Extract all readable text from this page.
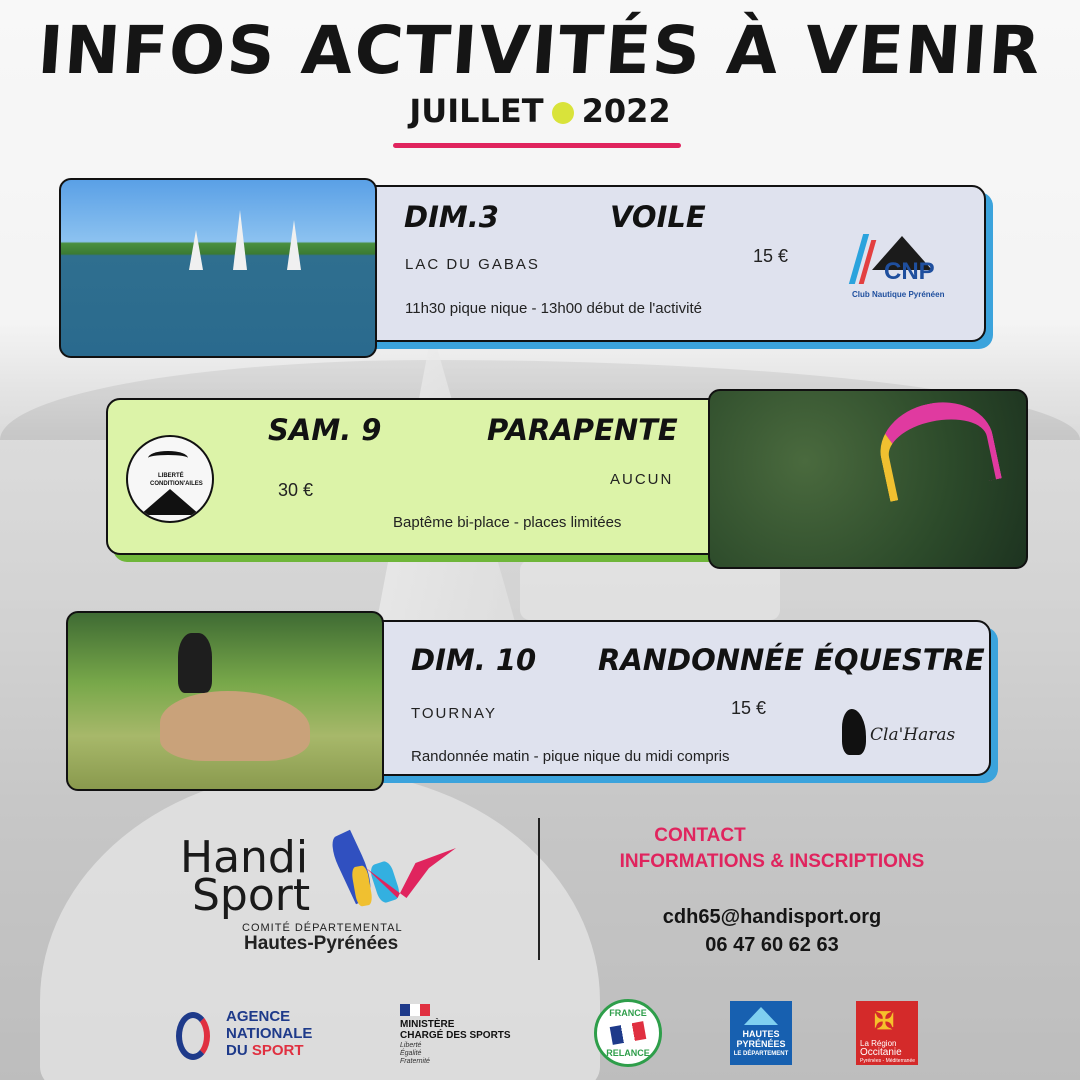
INFOS ACTIVITÉS À VENIR
JUILLET 2022
DIM.3	VOILE
LAC DU GABAS	15 €
11h30 pique nique - 13h00 début de l'activité
CNP
Club Nautique Pyrénéen
LIBERTÉ
CONDITION'AILES
SAM. 9	PARAPENTE
30 €
AUCUN
Baptême bi-place - places limitées
DIM. 10 RANDONNÉE ÉQUESTRE
TOURNAY	15 €
Randonnée matin - pique nique du midi compris
Cla'Haras
Handi
Sport
COMITÉ DÉPARTEMENTAL
Hautes-Pyrénées
CONTACT
INFORMATIONS & INSCRIPTIONS
cdh65@handisport.org
06 47 60 62 63
AGENCE
NATIONALE
DU SPORT
MINISTÈRE
CHARGÉ DES SPORTS
Liberté
Égalité
Fraternité
FRANCE
RELANCE
HAUTES
PYRÉNÉES
LE DÉPARTEMENT
✠
La Région
Occitanie
Pyrénées - Méditerranée
